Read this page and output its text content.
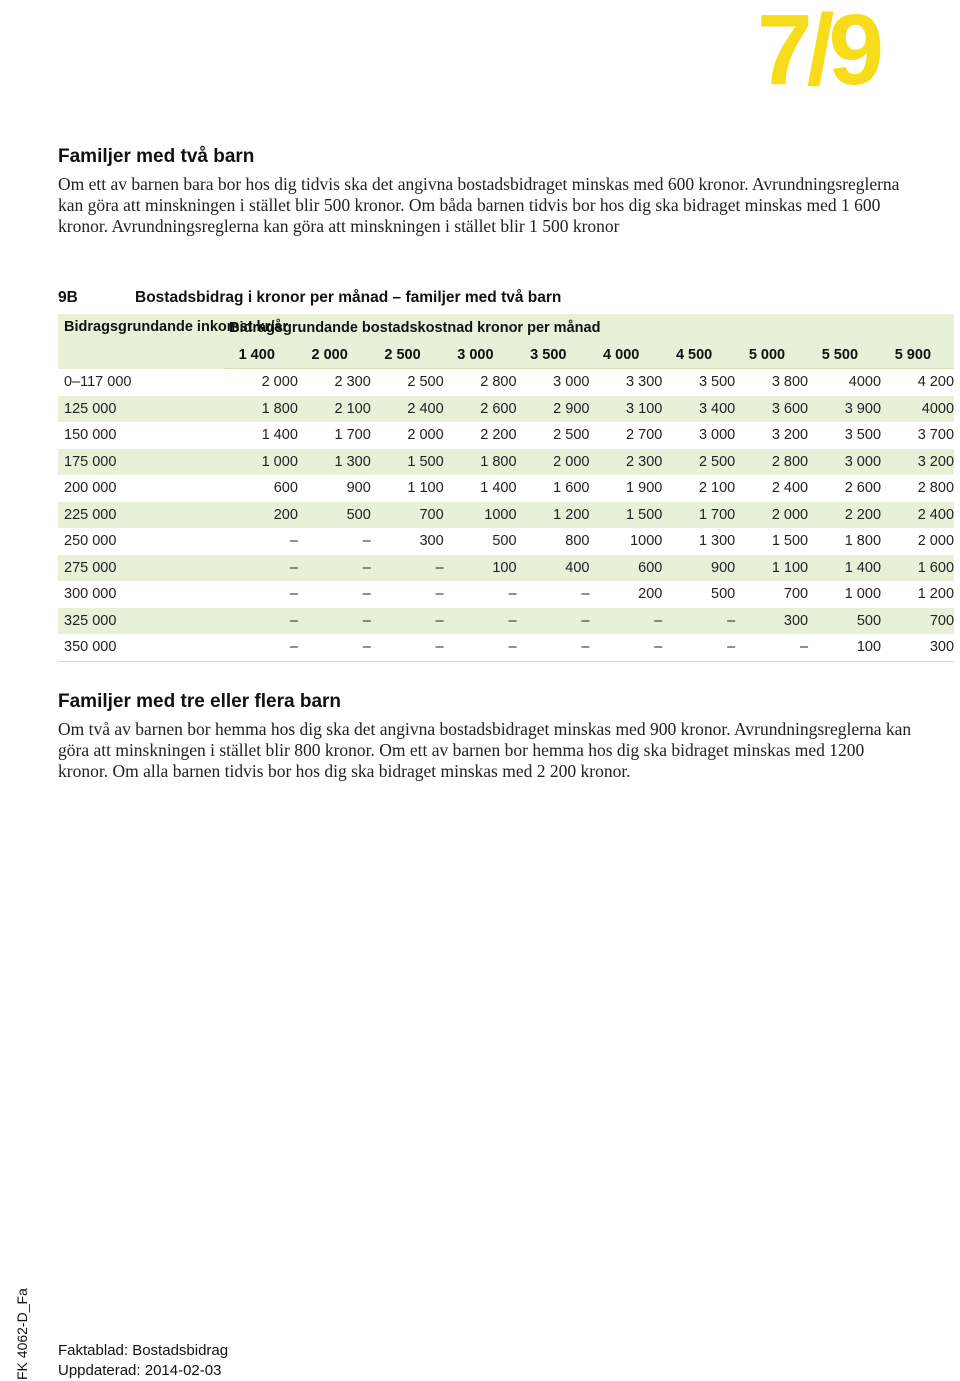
7/9
Familjer med två barn

Om ett av barnen bara bor hos dig tidvis ska det angivna bostadsbidraget minskas med 600 kronor. Avrundningsreglerna kan göra att minskningen i stället blir 500 kronor. Om båda barnen tidvis bor hos dig ska bidraget minskas med 1 600 kronor. Avrundningsreglerna kan göra att minskningen i stället blir 1 500 kronor

9B	Bostadsbidrag i kronor per månad – familjer med två barn
Bidragsgrundande inkomst kr/år	Bidragsgrundande bostadskostnad kronor per månad									
	1 400	2 000	2 500	3 000	3 500	4 000	4 500	5 000	5 500	5 900
0–117 000	2 000	2 300	2 500	2 800	3 000	3 300	3 500	3 800	4000	4 200
125 000	1 800	2 100	2 400	2 600	2 900	3 100	3 400	3 600	3 900	4000
150 000	1 400	1 700	2 000	2 200	2 500	2 700	3 000	3 200	3 500	3 700
175 000	1 000	1 300	1 500	1 800	2 000	2 300	2 500	2 800	3 000	3 200
200 000	600	900	1 100	1 400	1 600	1 900	2 100	2 400	2 600	2 800
225 000	200	500	700	1000	1 200	1 500	1 700	2 000	2 200	2 400
250 000	–	–	300	500	800	1000	1 300	1 500	1 800	2 000
275 000	–	–	–	100	400	600	900	1 100	1 400	1 600
300 000	–	–	–	–	–	200	500	700	1 000	1 200
325 000	–	–	–	–	–	–	–	300	500	700
350 000	–	–	–	–	–	–	–	–	100	300
Familjer med tre eller flera barn

Om två av barnen bor hemma hos dig ska det angivna bostadsbidraget minskas med 900 kronor. Avrundningsreglerna kan göra att minskningen i stället blir 800 kronor. Om ett av barnen bor hemma hos dig ska bidraget minskas med 1200 kronor. Om alla barnen tidvis bor hos dig ska bidraget minskas med 2 200 kronor.

FK 4062-D_Fa Faktablad: Bostadsbidrag
Uppdaterad: 2014-02-03
